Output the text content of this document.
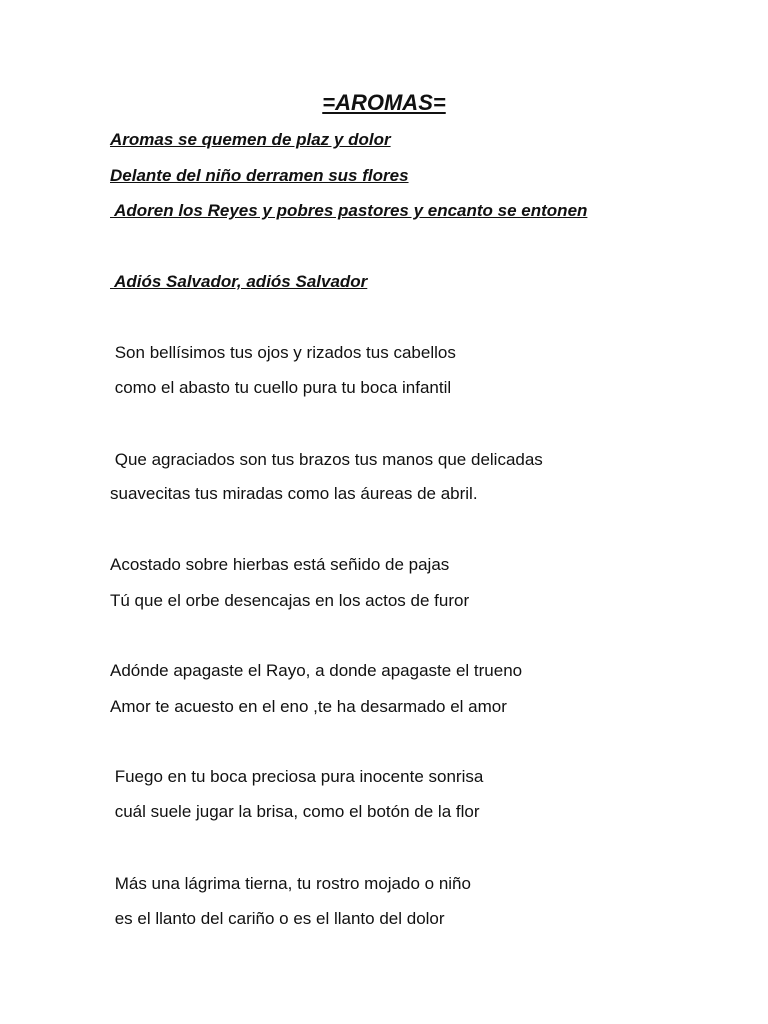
=AROMAS=
Aromas se quemen de plaz y dolor
Delante del niño derramen sus flores
Adoren los Reyes y pobres pastores y encanto se entonen
Adiós Salvador, adiós Salvador
Son bellísimos tus ojos y rizados tus cabellos
como el abasto tu cuello pura tu boca infantil
Que agraciados son tus brazos tus manos que delicadas
suavecitas tus miradas como las áureas de abril.
Acostado sobre hierbas está señido de pajas
Tú que el orbe desencajas en los actos de furor
Adónde apagaste el Rayo, a donde apagaste el trueno
Amor te acuesto en el eno ,te ha desarmado el amor
Fuego en tu boca preciosa pura inocente sonrisa
cuál suele jugar la brisa, como el botón de la flor
Más una lágrima tierna, tu rostro mojado o niño
es el llanto del cariño o es el llanto del dolor
